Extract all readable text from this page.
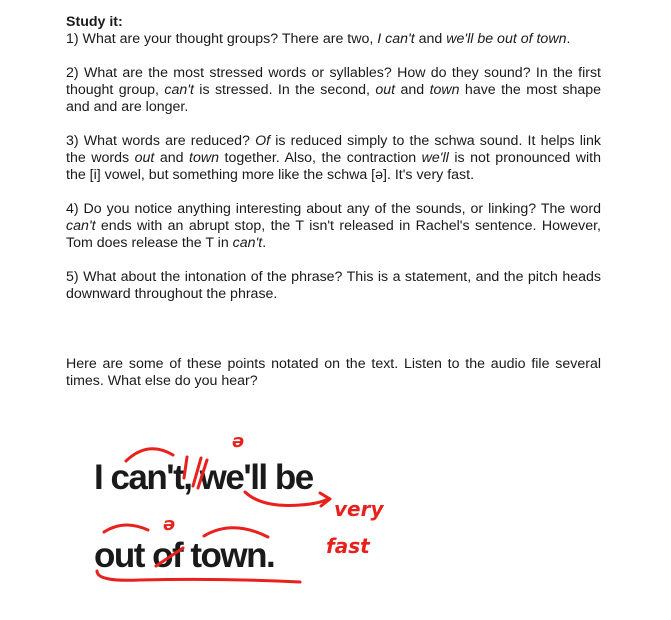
Study it:

1) What are your thought groups? There are two, I can't and we'll be out of town.

2) What are the most stressed words or syllables? How do they sound? In the first thought group, can't is stressed. In the second, out and town have the most shape and and are longer.

3) What words are reduced? Of is reduced simply to the schwa sound. It helps link the words out and town together. Also, the contraction we'll is not pronounced with the [i] vowel, but something more like the schwa [ə]. It's very fast.

4) Do you notice anything interesting about any of the sounds, or linking? The word can't ends with an abrupt stop, the T isn't released in Rachel's sentence. However, Tom does release the T in can't.

5) What about the intonation of the phrase? This is a statement, and the pitch heads downward throughout the phrase.

Here are some of these points notated on the text. Listen to the audio file several times. What else do you hear?

I can't, we'll be
out of town.
ə
very
fast
ə
